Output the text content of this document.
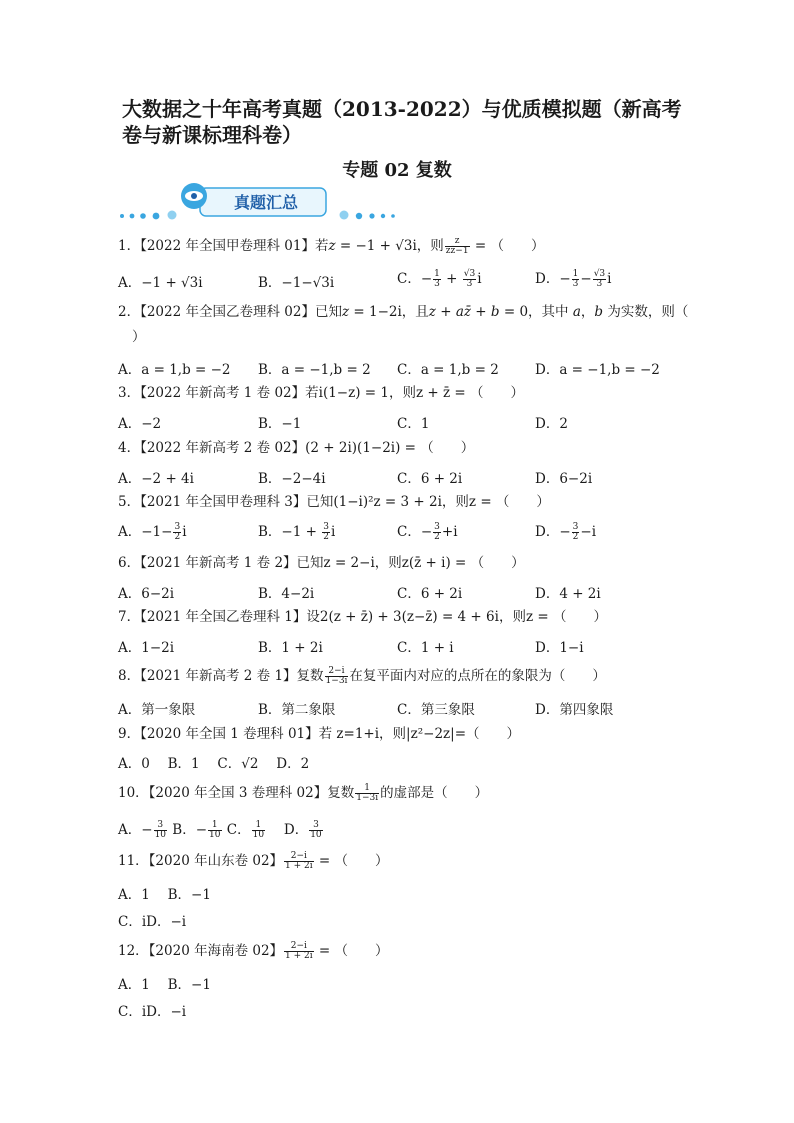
大数据之十年高考真题（2013-2022）与优质模拟题（新高考卷与新课标理科卷）
专题 02 复数
真题汇总
1．【2022 年全国甲卷理科 01】若z = −1 + √3i，则 $\frac{z}{zz̄-1}$ = （　　）
A．−1 + √3i	B．−1−√3i	C．− $\frac{1}{3} + \frac{√3}{3}$ i	D．− $\frac{1}{3} - \frac{√3}{3}$ i
2．【2022 年全国乙卷理科 02】已知z = 1−2i，且z + az̄ + b = 0，其中 a，b 为实数，则（
）
A．a = 1,b = −2 B．a = −1,b = 2 C．a = 1,b = 2	D．a = −1,b = −2
3．【2022 年新高考 1 卷 02】若i(1−z) = 1，则z + z̄ = （　　）
A．−2	B．−1	C．1	D．2
4．【2022 年新高考 2 卷 02】(2 + 2i)(1−2i) = （　　）
A．−2 + 4i	B．−2−4i	C．6 + 2i	D．6−2i
5．【2021 年全国甲卷理科 3】已知(1−i)²z = 3 + 2i，则z = （　　）
A．$-1- \frac{3}{2}$ i	B．$-1 + \frac{3}{2}$ i	C．− $\frac{3}{2} +i$	D．− $\frac{3}{2} -i$
6．【2021 年新高考 1 卷 2】已知z = 2−i，则z(z̄ + i) = （　　）
A．6−2i	B．4−2i	C．6 + 2i	D．4 + 2i
7．【2021 年全国乙卷理科 1】设2(z + z̄) + 3(z−z̄) = 4 + 6i，则z = （　　）
A．1−2i	B．1 + 2i	C．1 + i	D．1−i
8．【2021 年新高考 2 卷 1】复数 $\frac{2-i}{1-3i}$ 在复平面内对应的点所在的象限为（　　）
A．第一象限	B．第二象限	C．第三象限	D．第四象限
9．【2020 年全国 1 卷理科 01】若 z=1+i，则|z²−2z|=（　　）
A．0　 B．1　 C．√2　 D．2
10．【2020 年全国 3 卷理科 02】复数 $\frac{1}{1-3i}$ 的虚部是（　　）
A．− $\frac{3}{10}$ B．− $\frac{1}{10}$ C． $\frac{1}{10}$ 　 D． $\frac{3}{10}$
11．【2020 年山东卷 02】 $\frac{2-i}{1 + 2i}$ = （　　）
A．1　 B．−1
C．iD．−i
12．【2020 年海南卷 02】 $\frac{2-i}{1 + 2i}$ = （　　）
A．1　 B．−1
C．iD．−i
